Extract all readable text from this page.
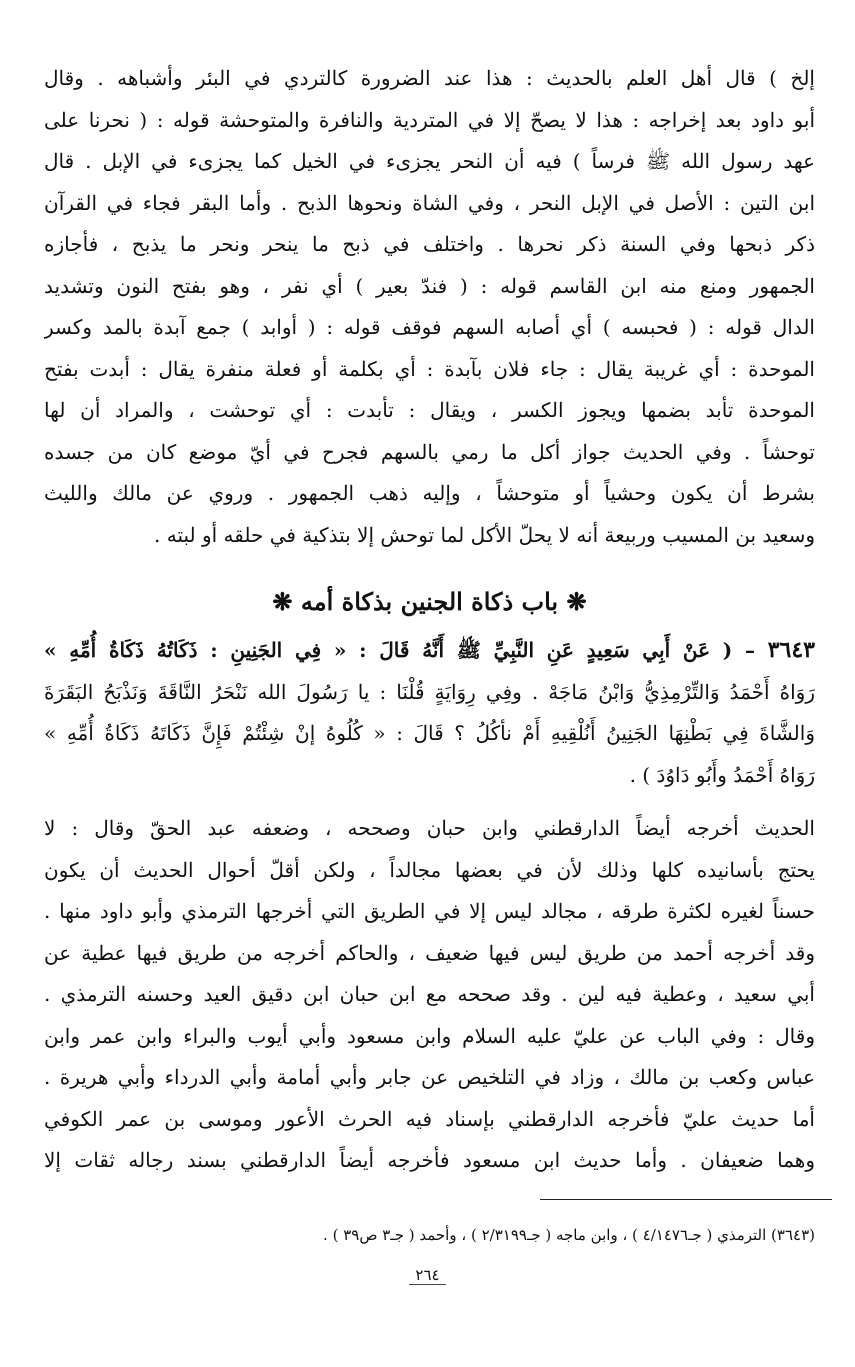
إلخ ) قال أهل العلم بالحديث : هذا عند الضرورة كالتردي في البئر وأشباهه . وقال
أبو داود بعد إخراجه : هذا لا يصحّ إلا في المتردية والنافرة والمتوحشة قوله : ( نحرنا على
عهد رسول الله ﷺ فرساً ) فيه أن النحر يجزىء في الخيل كما يجزىء في الإبل . قال
ابن التين : الأصل في الإبل النحر ، وفي الشاة ونحوها الذبح . وأما البقر فجاء في القرآن
ذكر ذبحها وفي السنة ذكر نحرها . واختلف في ذبح ما ينحر ونحر ما يذبح ، فأجازه
الجمهور ومنع منه ابن القاسم قوله : ( فندّ بعير ) أي نفر ، وهو بفتح النون وتشديد
الدال قوله : ( فحبسه ) أي أصابه السهم فوقف قوله : ( أوابد ) جمع آبدة بالمد وكسر
الموحدة : أي غريبة يقال : جاء فلان بآبدة : أي بكلمة أو فعلة منفرة يقال : أبدت بفتح
الموحدة تأبد بضمها ويجوز الكسر ، ويقال : تأبدت : أي توحشت ، والمراد أن لها
توحشاً . وفي الحديث جواز أكل ما رمي بالسهم فجرح في أيّ موضع كان من جسده
بشرط أن يكون وحشياً أو متوحشاً ، وإليه ذهب الجمهور . وروي عن مالك والليث
وسعيد بن المسيب وربيعة أنه لا يحلّ الأكل لما توحش إلا بتذكية في حلقه أو لبته .
❋ باب ذكاة الجنين بذكاة أمه ❋
٣٦٤٣ – ( عَنْ أَبِي سَعِيدٍ عَنِ النَّبِيِّ ﷺ أَنَّهُ قَالَ : « فِي الجَنِينِ : ذَكَاتُهُ ذَكَاةُ أُمِّهِ »
رَوَاهُ أَحْمَدُ وَالتِّرْمِذِيُّ وَابْنُ مَاجَهْ . وفِي رِوَايَةٍ قُلْنَا : يا رَسُولَ الله نَنْحَرُ النَّاقَةَ وَنَذْبَحُ البَقَرَةَ
وَالشَّاةَ فِي بَطْنِهَا الجَنِينُ أَنُلْقِيهِ أَمْ نأكُلُ ؟ قَالَ : « كُلُوهُ إنْ شِئْتُمْ فَإِنَّ ذَكَاتَهُ ذَكَاةُ أُمِّهِ »
رَوَاهُ أَحْمَدُ وأَبُو دَاوُدَ ) .
الحديث أخرجه أيضاً الدارقطني وابن حبان وصححه ، وضعفه عبد الحقّ وقال : لا
يحتج بأسانيده كلها وذلك لأن في بعضها مجالداً ، ولكن أقلّ أحوال الحديث أن يكون
حسناً لغيره لكثرة طرقه ، مجالد ليس إلا في الطريق التي أخرجها الترمذي وأبو داود منها .
وقد أخرجه أحمد من طريق ليس فيها ضعيف ، والحاكم أخرجه من طريق فيها عطية عن
أبي سعيد ، وعطية فيه لين . وقد صححه مع ابن حبان ابن دقيق العيد وحسنه الترمذي .
وقال : وفي الباب عن عليّ عليه السلام وابن مسعود وأبي أيوب والبراء وابن عمر وابن
عباس وكعب بن مالك ، وزاد في التلخيص عن جابر وأبي أمامة وأبي الدرداء وأبي هريرة .
أما حديث عليّ فأخرجه الدارقطني بإسناد فيه الحرث الأعور وموسى بن عمر الكوفي
وهما ضعيفان . وأما حديث ابن مسعود فأخرجه أيضاً الدارقطني بسند رجاله ثقات إلا
(٣٦٤٣) الترمذي ( جـ٤/١٤٧٦ ) ، وابن ماجه ( جـ٢/٣١٩٩ ) ، وأحمد ( جـ٣ ص٣٩ ) .
٢٦٤
